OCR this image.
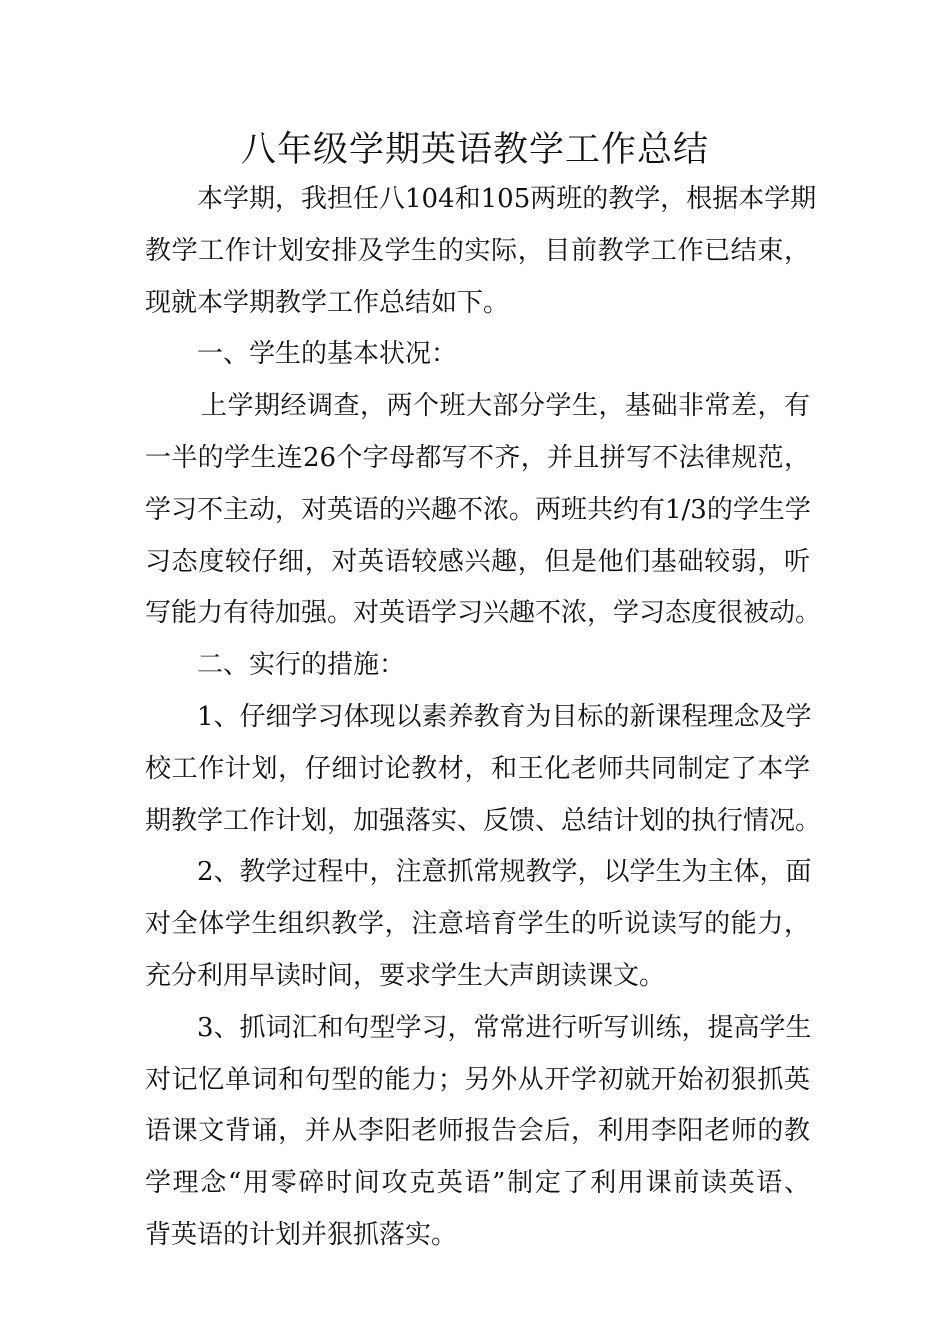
八年级学期英语教学工作总结
本学期，我担任八104和105两班的教学，根据本学期
教学工作计划安排及学生的实际，目前教学工作已结束，
现就本学期教学工作总结如下。
一、学生的基本状况：
上学期经调查，两个班大部分学生，基础非常差，有
一半的学生连26个字母都写不齐，并且拼写不法律规范，
学习不主动，对英语的兴趣不浓。两班共约有1/3的学生学
习态度较仔细，对英语较感兴趣，但是他们基础较弱，听
写能力有待加强。对英语学习兴趣不浓，学习态度很被动。
二、实行的措施：
1、仔细学习体现以素养教育为目标的新课程理念及学
校工作计划，仔细讨论教材，和王化老师共同制定了本学
期教学工作计划，加强落实、反馈、总结计划的执行情况。
2、教学过程中，注意抓常规教学，以学生为主体，面
对全体学生组织教学，注意培育学生的听说读写的能力，
充分利用早读时间，要求学生大声朗读课文。
3、抓词汇和句型学习，常常进行听写训练，提高学生
对记忆单词和句型的能力；另外从开学初就开始初狠抓英
语课文背诵，并从李阳老师报告会后，利用李阳老师的教
学理念“用零碎时间攻克英语”制定了利用课前读英语、
背英语的计划并狠抓落实。
